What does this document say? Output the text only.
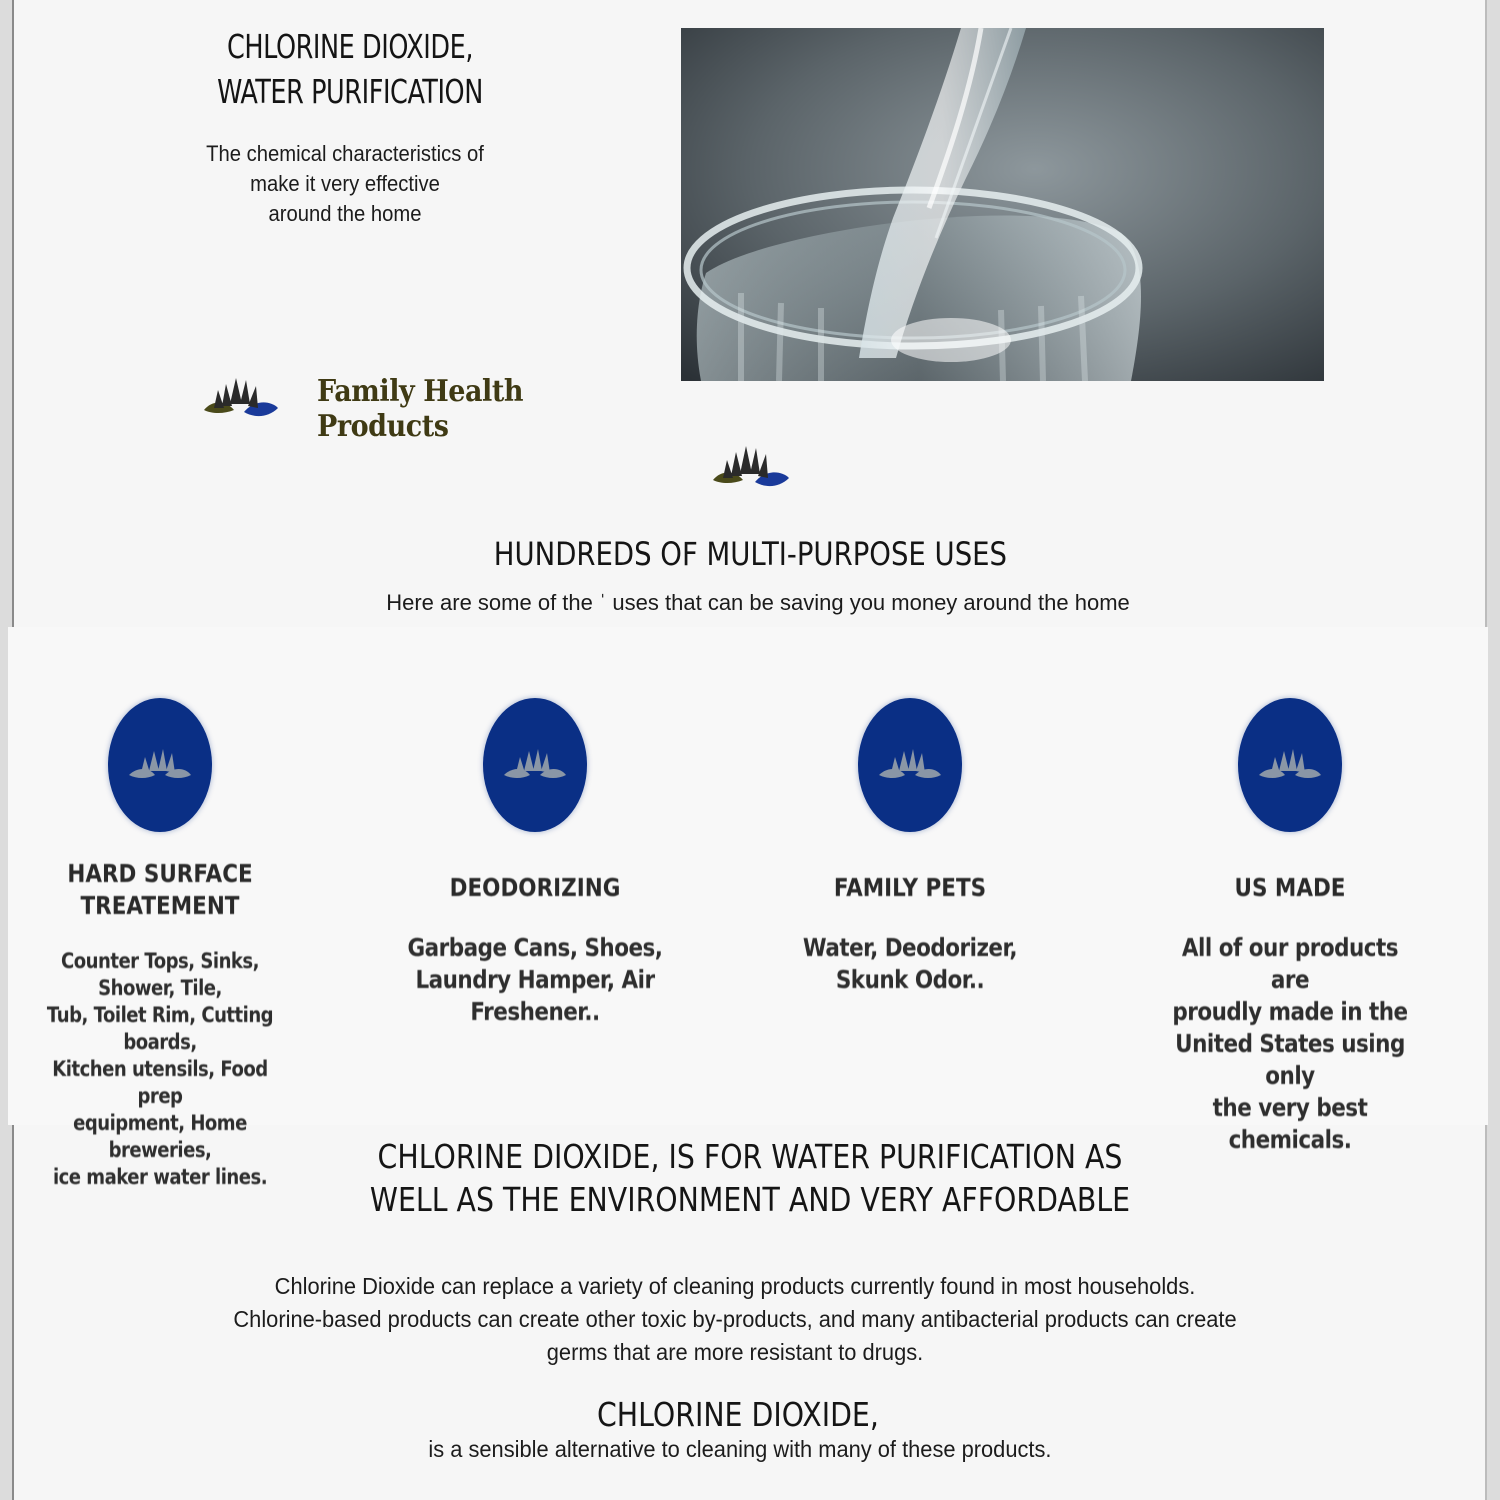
CHLORINE DIOXIDE,
WATER PURIFICATION
The chemical characteristics of
make it very effective
around the home
Family Health Products
HUNDREDS OF MULTI-PURPOSE USES
Here are some of the ˈ uses that can be saving you money around the home
HARD SURFACE
TREATEMENT
Counter Tops, Sinks, Shower, Tile,
Tub, Toilet Rim, Cutting boards,
Kitchen utensils, Food prep
equipment, Home breweries,
ice maker water lines.
DEODORIZING
Garbage Cans, Shoes,
Laundry Hamper, Air
Freshener..
FAMILY PETS
Water, Deodorizer,
Skunk Odor..
US MADE
All of our products are
proudly made in the
United States using only
the very best chemicals.
CHLORINE DIOXIDE, IS FOR WATER PURIFICATION AS
WELL AS THE ENVIRONMENT AND VERY AFFORDABLE
Chlorine Dioxide can replace a variety of cleaning products currently found in most households.
Chlorine-based products can create other toxic by-products, and many antibacterial products can create
germs that are more resistant to drugs.
CHLORINE DIOXIDE,
is a sensible alternative to cleaning with many of these products.
